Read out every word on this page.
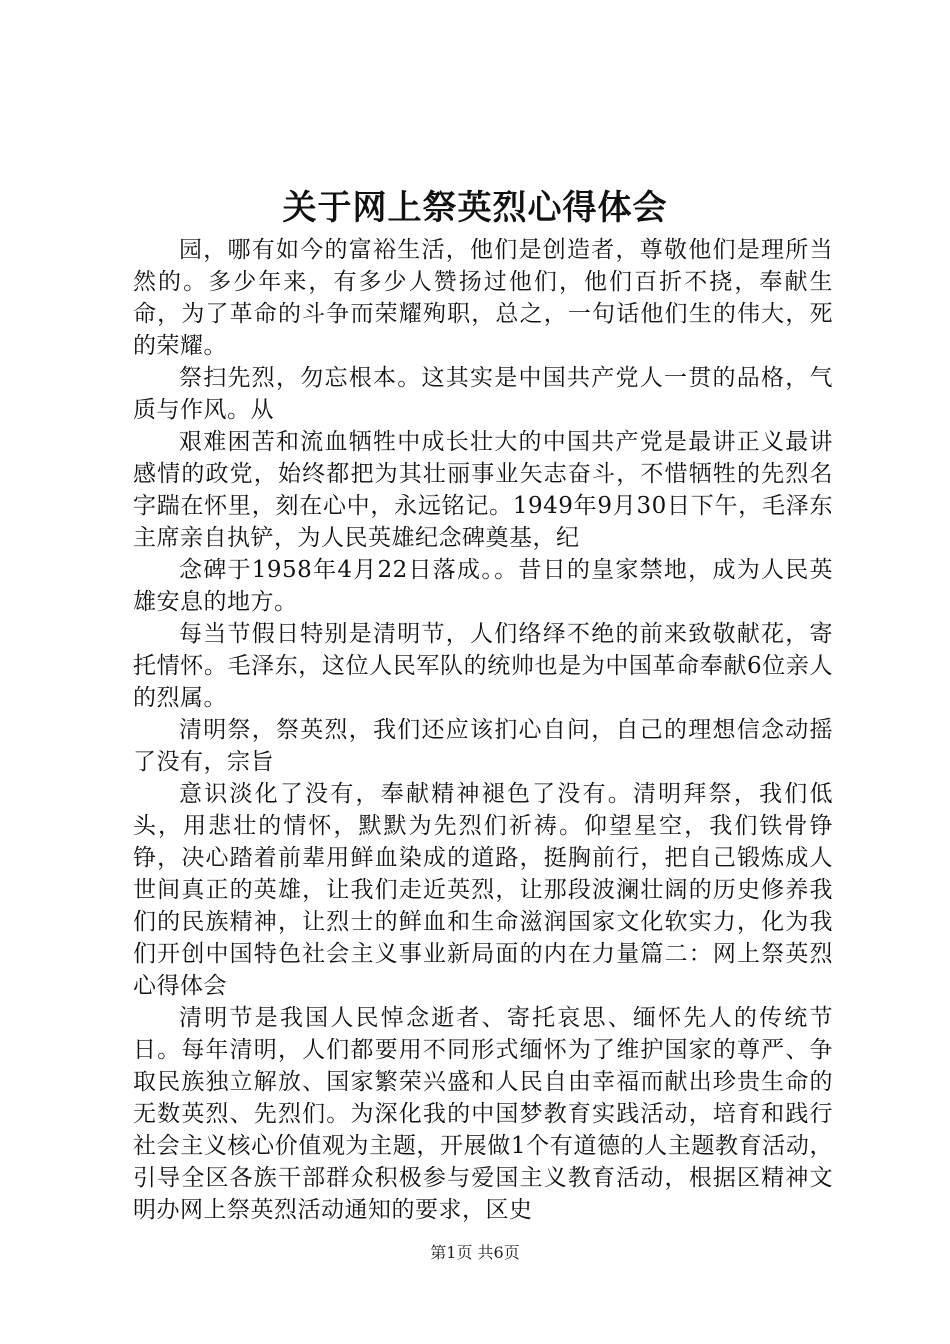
关于网上祭英烈心得体会

园，哪有如今的富裕生活，他们是创造者，尊敬他们是理所当然的。多少年来，有多少人赞扬过他们，他们百折不挠，奉献生命，为了革命的斗争而荣耀殉职，总之，一句话他们生的伟大，死的荣耀。

祭扫先烈，勿忘根本。这其实是中国共产党人一贯的品格，气质与作风。从

艰难困苦和流血牺牲中成长壮大的中国共产党是最讲正义最讲感情的政党，始终都把为其壮丽事业矢志奋斗，不惜牺牲的先烈名字踹在怀里，刻在心中，永远铭记。1949年9月30日下午，毛泽东主席亲自执铲，为人民英雄纪念碑奠基，纪

念碑于1958年4月22日落成。。昔日的皇家禁地，成为人民英雄安息的地方。

每当节假日特别是清明节，人们络绎不绝的前来致敬献花，寄托情怀。毛泽东，这位人民军队的统帅也是为中国革命奉献6位亲人的烈属。

清明祭，祭英烈，我们还应该扪心自问，自己的理想信念动摇了没有，宗旨

意识淡化了没有，奉献精神褪色了没有。清明拜祭，我们低头，用悲壮的情怀，默默为先烈们祈祷。仰望星空，我们铁骨铮铮，决心踏着前辈用鲜血染成的道路，挺胸前行，把自己锻炼成人世间真正的英雄，让我们走近英烈，让那段波澜壮阔的历史修养我们的民族精神，让烈士的鲜血和生命滋润国家文化软实力，化为我们开创中国特色社会主义事业新局面的内在力量篇二：网上祭英烈心得体会

清明节是我国人民悼念逝者、寄托哀思、缅怀先人的传统节日。每年清明，人们都要用不同形式缅怀为了维护国家的尊严、争取民族独立解放、国家繁荣兴盛和人民自由幸福而献出珍贵生命的无数英烈、先烈们。为深化我的中国梦教育实践活动，培育和践行社会主义核心价值观为主题，开展做1个有道德的人主题教育活动，引导全区各族干部群众积极参与爱国主义教育活动，根据区精神文明办网上祭英烈活动通知的要求，区史

第1页 共6页
